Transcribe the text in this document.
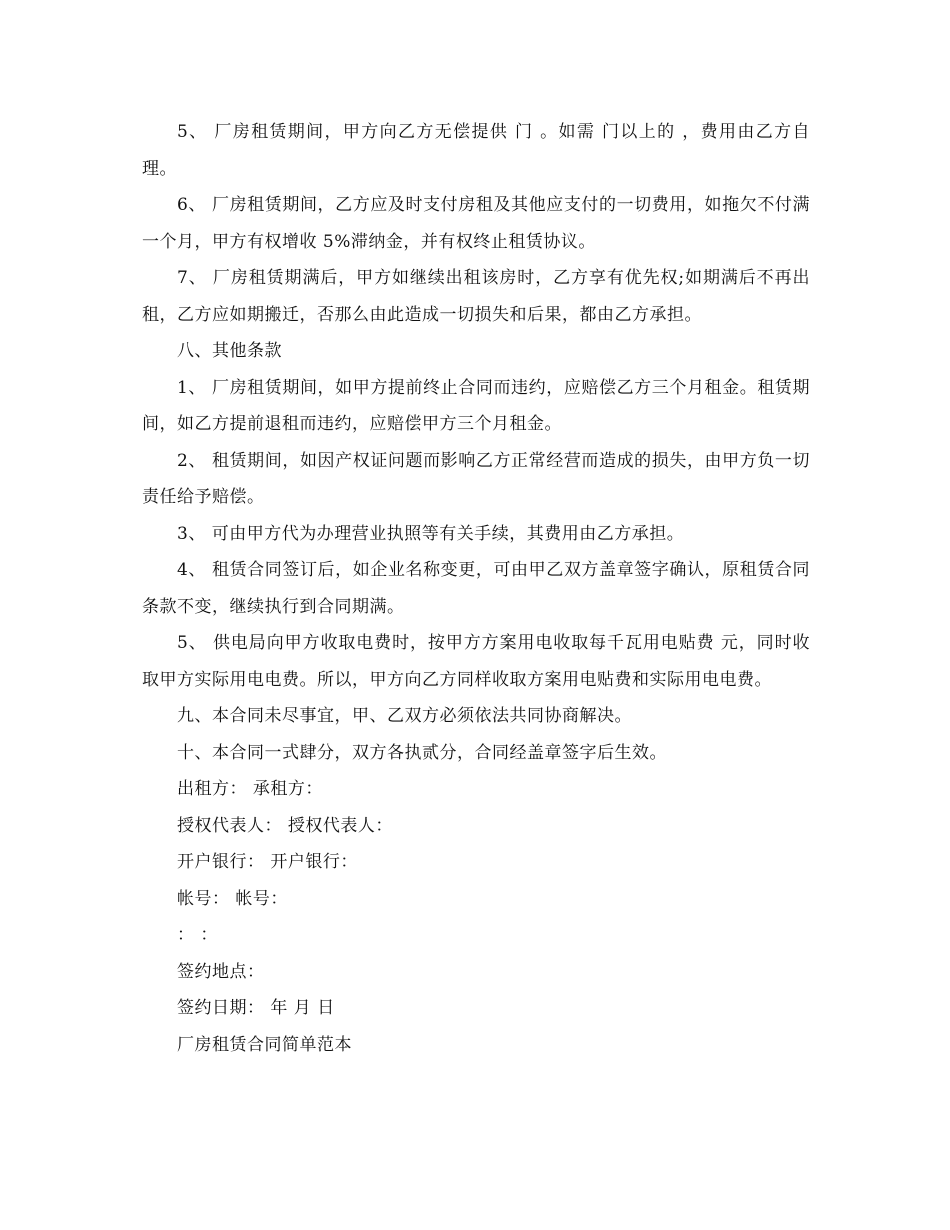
5、 厂房租赁期间，甲方向乙方无偿提供 门 。如需 门以上的 ，费用由乙方自理。

6、 厂房租赁期间，乙方应及时支付房租及其他应支付的一切费用，如拖欠不付满一个月，甲方有权增收 5%滞纳金，并有权终止租赁协议。

7、 厂房租赁期满后，甲方如继续出租该房时，乙方享有优先权;如期满后不再出租，乙方应如期搬迁，否那么由此造成一切损失和后果，都由乙方承担。

八、其他条款

1、 厂房租赁期间，如甲方提前终止合同而违约，应赔偿乙方三个月租金。租赁期间，如乙方提前退租而违约，应赔偿甲方三个月租金。

2、 租赁期间，如因产权证问题而影响乙方正常经营而造成的损失，由甲方负一切责任给予赔偿。

3、 可由甲方代为办理营业执照等有关手续，其费用由乙方承担。

4、 租赁合同签订后，如企业名称变更，可由甲乙双方盖章签字确认，原租赁合同条款不变，继续执行到合同期满。

5、 供电局向甲方收取电费时，按甲方方案用电收取每千瓦用电贴费 元，同时收取甲方实际用电电费。所以，甲方向乙方同样收取方案用电贴费和实际用电电费。

九、本合同未尽事宜，甲、乙双方必须依法共同协商解决。

十、本合同一式肆分，双方各执贰分，合同经盖章签字后生效。

出租方： 承租方：

授权代表人： 授权代表人：

开户银行： 开户银行：

帐号： 帐号：

： ：

签约地点：

签约日期： 年 月 日

厂房租赁合同简单范本
